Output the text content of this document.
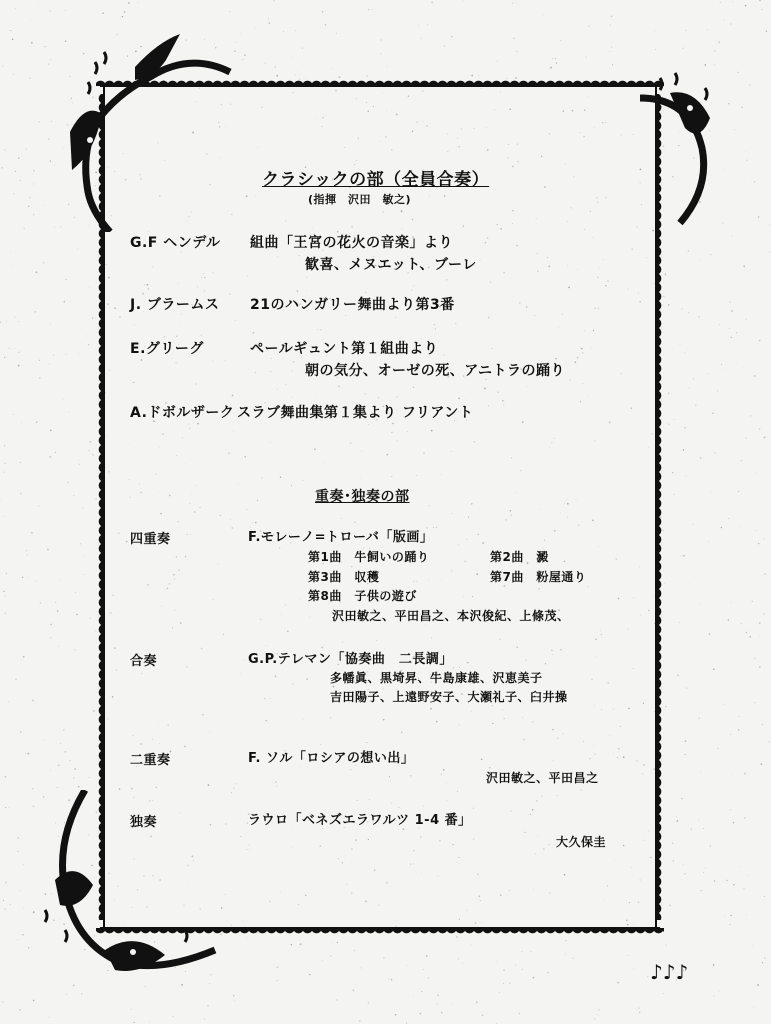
クラシックの部（全員合奏）
(指揮　沢田　敏之)
G.F ヘンデル 組曲「王宮の花火の音楽」より
歓喜、メヌエット、ブーレ
J. ブラームス 21のハンガリー舞曲より第3番
E.グリーグ	ペールギュント第１組曲より
朝の気分、オーゼの死、アニトラの踊り
A.ドボルザーク スラブ舞曲集第１集より フリアント
重奏･独奏の部
四重奏	F.モレーノ=トローバ「版画」
第1曲　牛飼いの踊り	第2曲　澱
第3曲　収穫	第7曲　粉屋通り
第8曲　子供の遊び
沢田敏之、平田昌之、本沢俊紀、上條茂、
合奏	G.P.テレマン「協奏曲　二長調」
多幡眞、黒埼昇、牛島康雄、沢恵美子
吉田陽子、上遠野安子、大瀬礼子、臼井操
二重奏	F. ソル「ロシアの想い出」
沢田敏之、平田昌之
独奏	ラウロ「ベネズエラワルツ 1-4 番」
大久保圭
♪♪♪
